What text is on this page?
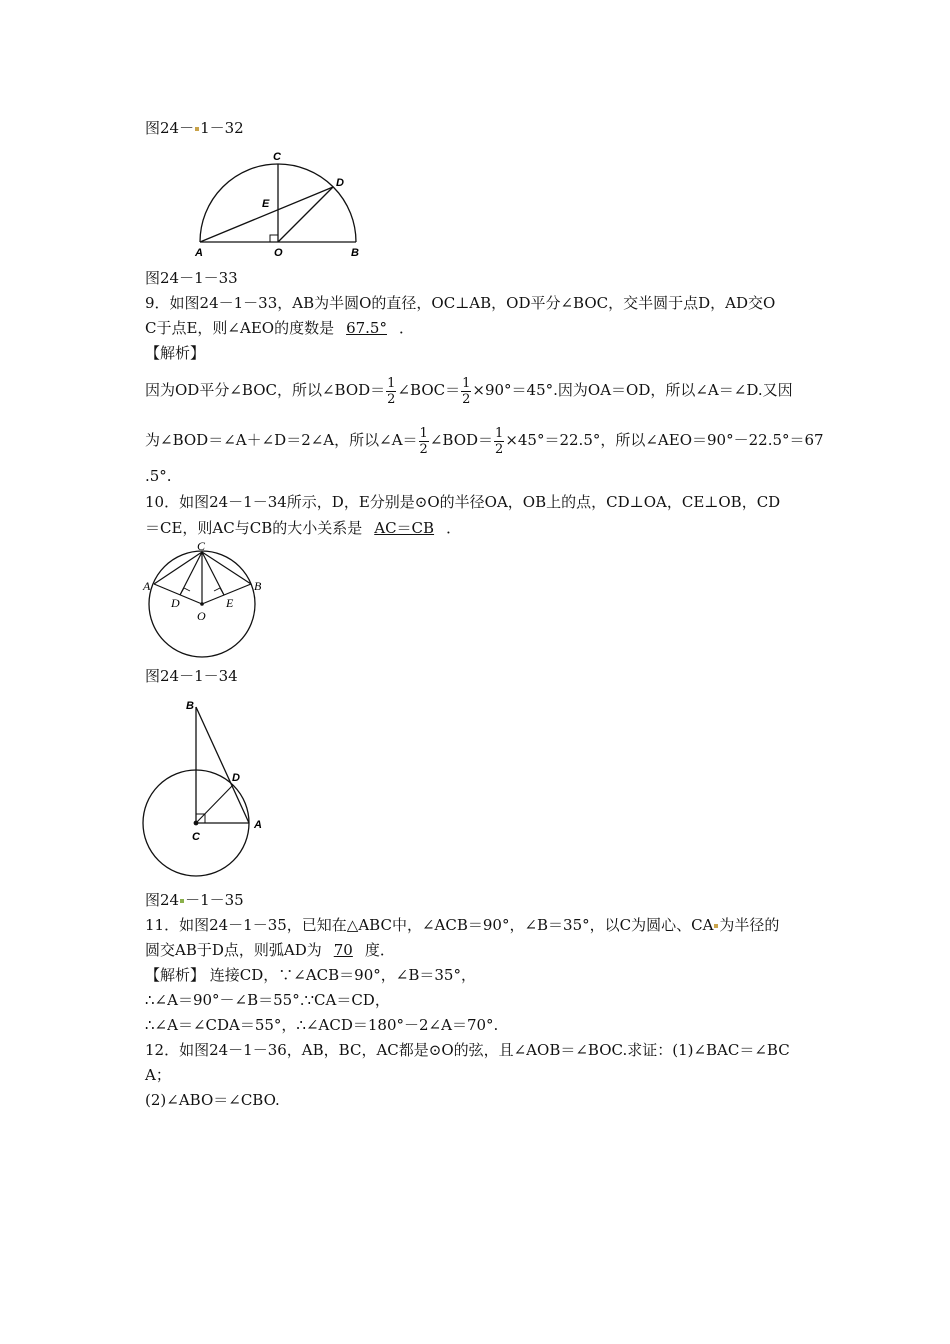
图24－ 1－32
C
D
E
A	O	B
图24－1－33
9．如图24－1－33，AB为半圆O的直径，OC⊥AB，OD平分∠BOC，交半圆于点D，AD交O
C于点E，则∠AEO的度数是 67.5° ．
【解析】
因为OD平分∠BOC，所以∠BOD＝ $\frac{1}{2}$ ∠BOC＝ $\frac{1}{2} \times 90^\circ=45^\circ$.因为OA＝OD，所以∠A＝∠D.又因
为∠BOD＝∠A＋∠D＝2∠A，所以∠A＝ $\frac{1}{2}$ ∠BOD＝ $\frac{1}{2} \times 45^\circ=22.5^\circ$，所以∠AEO＝90°－22.5°＝67
.5°.
10．如图24－1－34所示，D，E分别是⊙O的半径OA，OB上的点，CD⊥OA，CE⊥OB，CD
＝CE，则AC与CB的大小关系是 AC＝CB ．
C
A	B
D	E
O
图24－1－34
B
D
C
A
图24 －1－35
11．如图24－1－35，已知在△ABC中，∠ACB＝90°，∠B＝35°，以C为圆心、CA 为半径的
圆交AB于D点，则弧AD为 70 度．
【解析】 连接CD，∵∠ACB＝90°，∠B＝35°，
∴∠A＝90°－∠B＝55°.∵CA＝CD，
∴∠A＝∠CDA＝55°，∴∠ACD＝180°－2∠A＝70°.
12．如图24－1－36，AB，BC，AC都是⊙O的弦，且∠AOB＝∠BOC.求证：(1)∠BAC＝∠BC
A；
(2)∠ABO＝∠CBO.
